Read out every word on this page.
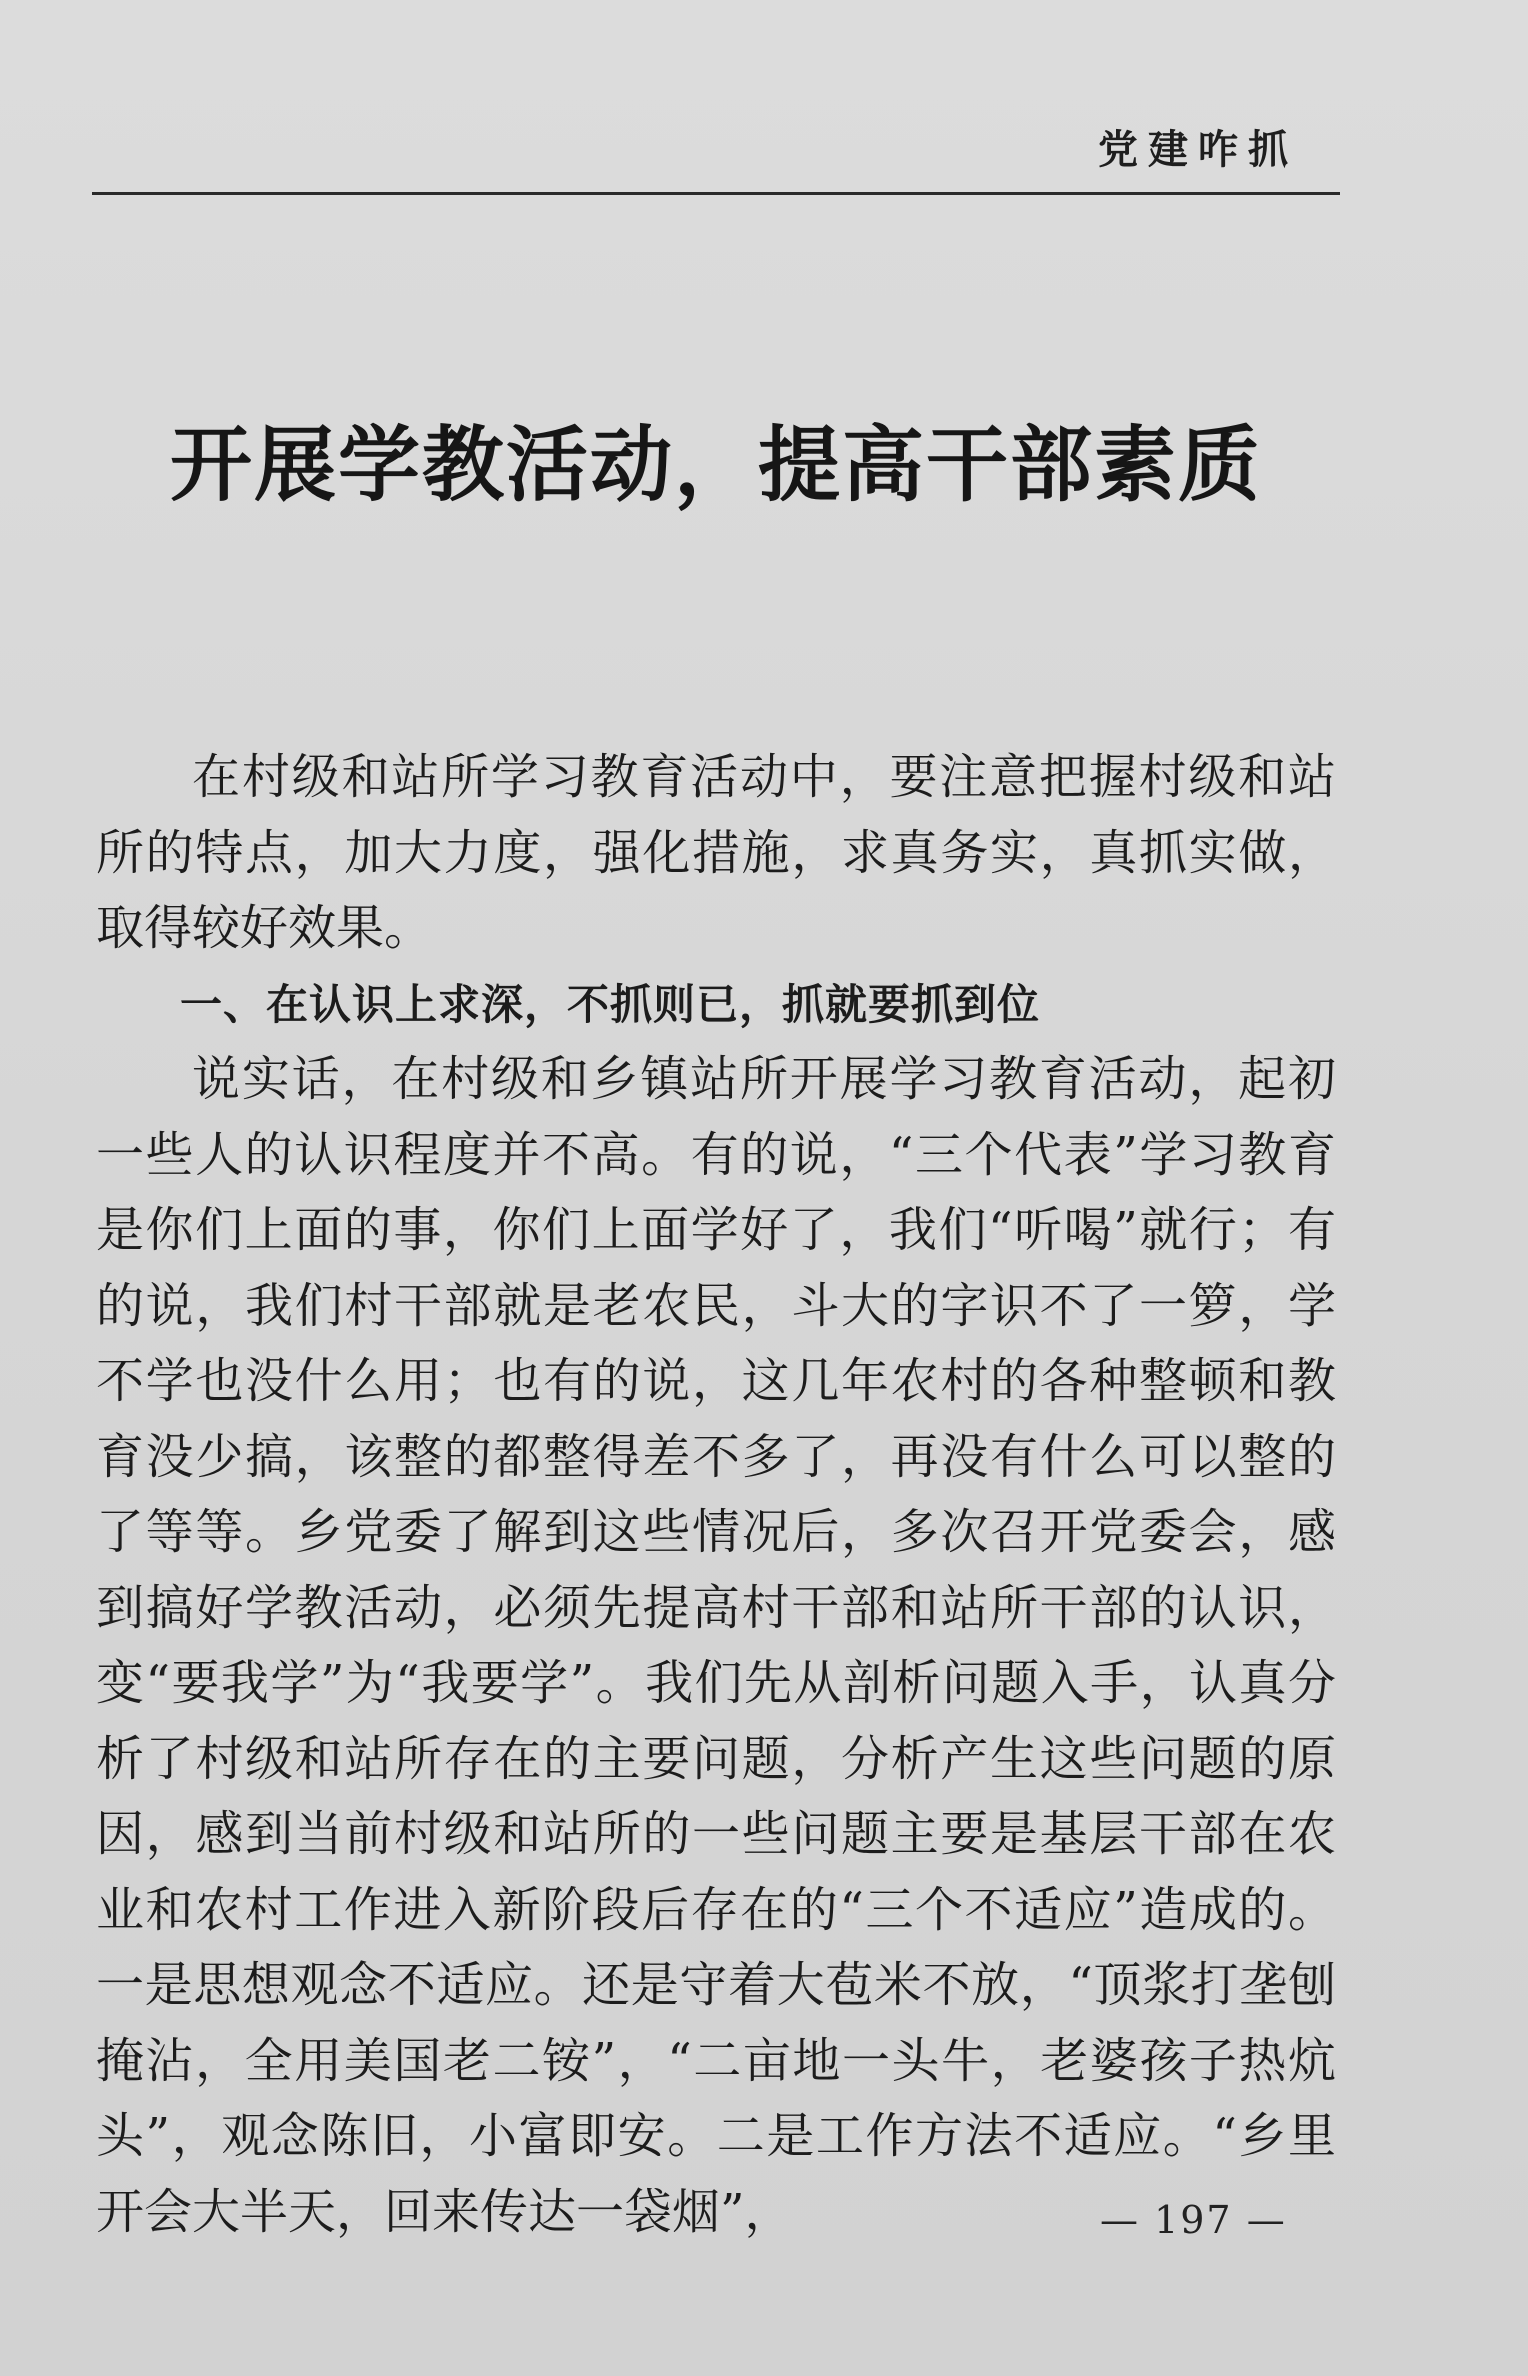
党建咋抓
开展学教活动，提高干部素质

在村级和站所学习教育活动中，要注意把握村级和站所的特点，加大力度，强化措施，求真务实，真抓实做，取得较好效果。

一、在认识上求深，不抓则已，抓就要抓到位

说实话，在村级和乡镇站所开展学习教育活动，起初一些人的认识程度并不高。有的说，“三个代表”学习教育是你们上面的事，你们上面学好了，我们“听喝”就行；有的说，我们村干部就是老农民，斗大的字识不了一箩，学不学也没什么用；也有的说，这几年农村的各种整顿和教育没少搞，该整的都整得差不多了，再没有什么可以整的了等等。乡党委了解到这些情况后，多次召开党委会，感到搞好学教活动，必须先提高村干部和站所干部的认识，变“要我学”为“我要学”。我们先从剖析问题入手，认真分析了村级和站所存在的主要问题，分析产生这些问题的原因，感到当前村级和站所的一些问题主要是基层干部在农业和农村工作进入新阶段后存在的“三个不适应”造成的。一是思想观念不适应。还是守着大苞米不放，“顶浆打垄刨掩沾，全用美国老二铵”，“二亩地一头牛，老婆孩子热炕头”，观念陈旧，小富即安。二是工作方法不适应。“乡里开会大半天，回来传达一袋烟”，	— 197 —
